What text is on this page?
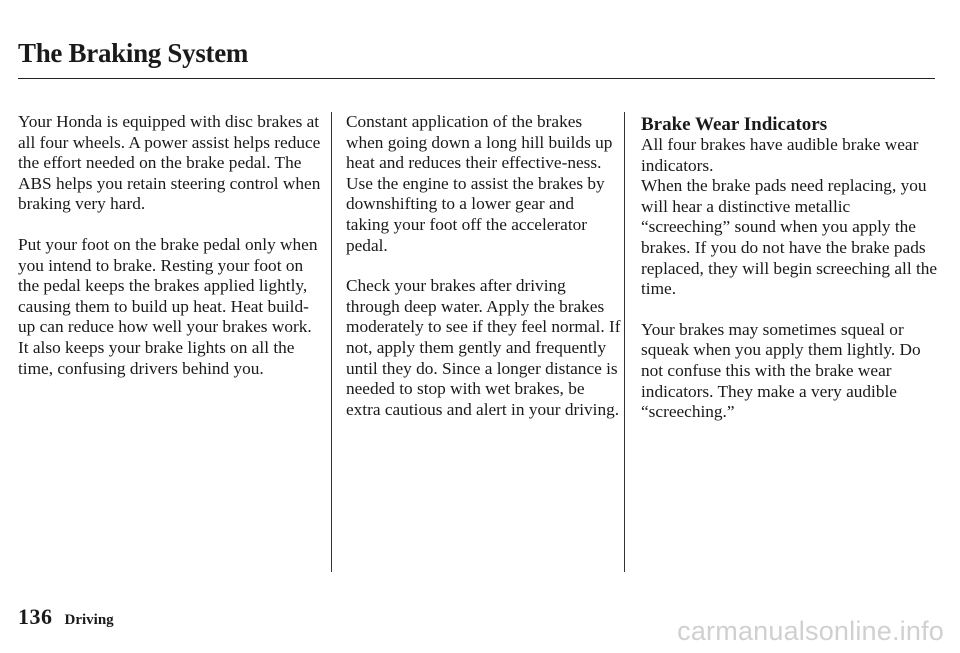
The Braking System

Your Honda is equipped with disc brakes at all four wheels. A power assist helps reduce the effort needed on the brake pedal. The ABS helps you retain steering control when braking very hard.

Put your foot on the brake pedal only when you intend to brake. Resting your foot on the pedal keeps the brakes applied lightly, causing them to build up heat. Heat build-up can reduce how well your brakes work. It also keeps your brake lights on all the time, confusing drivers behind you.

Constant application of the brakes when going down a long hill builds up heat and reduces their effective-ness. Use the engine to assist the brakes by downshifting to a lower gear and taking your foot off the accelerator pedal.

Check your brakes after driving through deep water. Apply the brakes moderately to see if they feel normal. If not, apply them gently and frequently until they do. Since a longer distance is needed to stop with wet brakes, be extra cautious and alert in your driving.

Brake Wear Indicators

All four brakes have audible brake wear indicators.

When the brake pads need replacing, you will hear a distinctive metallic “screeching” sound when you apply the brakes. If you do not have the brake pads replaced, they will begin screeching all the time.

Your brakes may sometimes squeal or squeak when you apply them lightly. Do not confuse this with the brake wear indicators. They make a very audible “screeching.”

136 Driving	carmanualsonline.info
